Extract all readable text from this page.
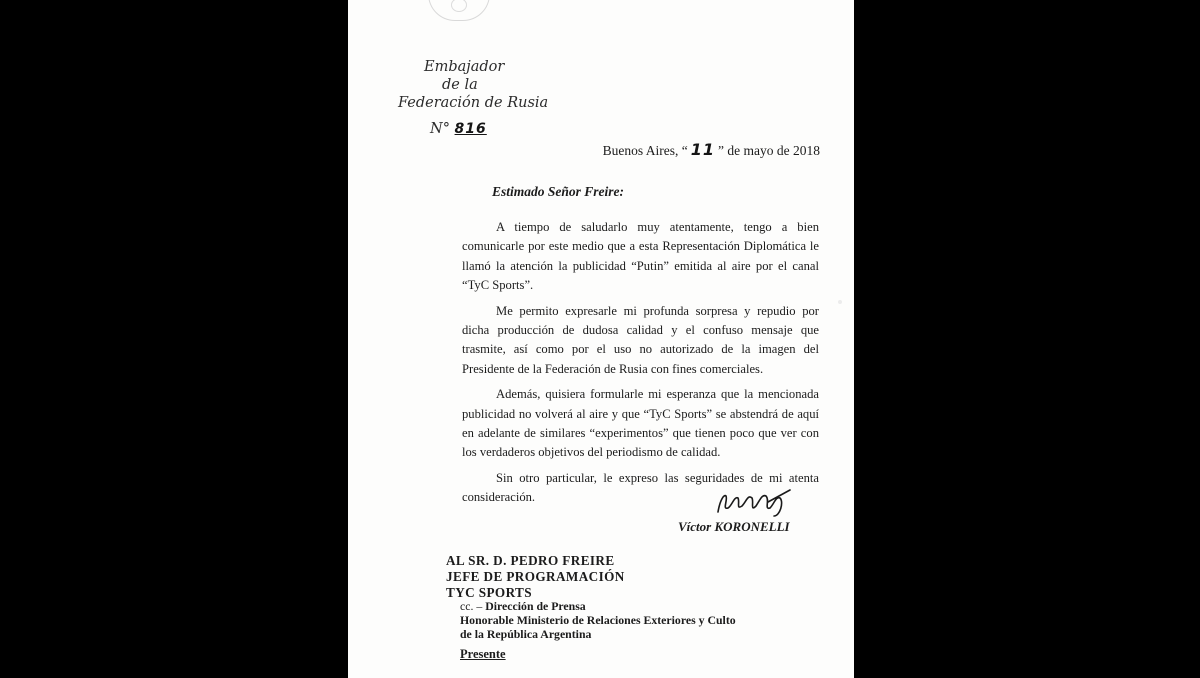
Embajador
de la
Federación de Rusia
N° 816
Buenos Aires, “ 11 ” de mayo de 2018
Estimado Señor Freire:

A tiempo de saludarlo muy atentamente, tengo a bien comunicarle por este medio que a esta Representación Diplomática le llamó la atención la publicidad “Putin” emitida al aire por el canal “TyC Sports”.

Me permito expresarle mi profunda sorpresa y repudio por dicha producción de dudosa calidad y el confuso mensaje que trasmite, así como por el uso no autorizado de la imagen del Presidente de la Federación de Rusia con fines comerciales.

Además, quisiera formularle mi esperanza que la mencionada publicidad no volverá al aire y que “TyC Sports” se abstendrá de aquí en adelante de similares “experimentos” que tienen poco que ver con los verdaderos objetivos del periodismo de calidad.

Sin otro particular, le expreso las seguridades de mi atenta consideración.

Víctor KORONELLI
AL SR. D. PEDRO FREIRE
JEFE DE PROGRAMACIÓN
TYC SPORTS
cc. – Dirección de Prensa
Honorable Ministerio de Relaciones Exteriores y Culto
de la República Argentina
Presente
